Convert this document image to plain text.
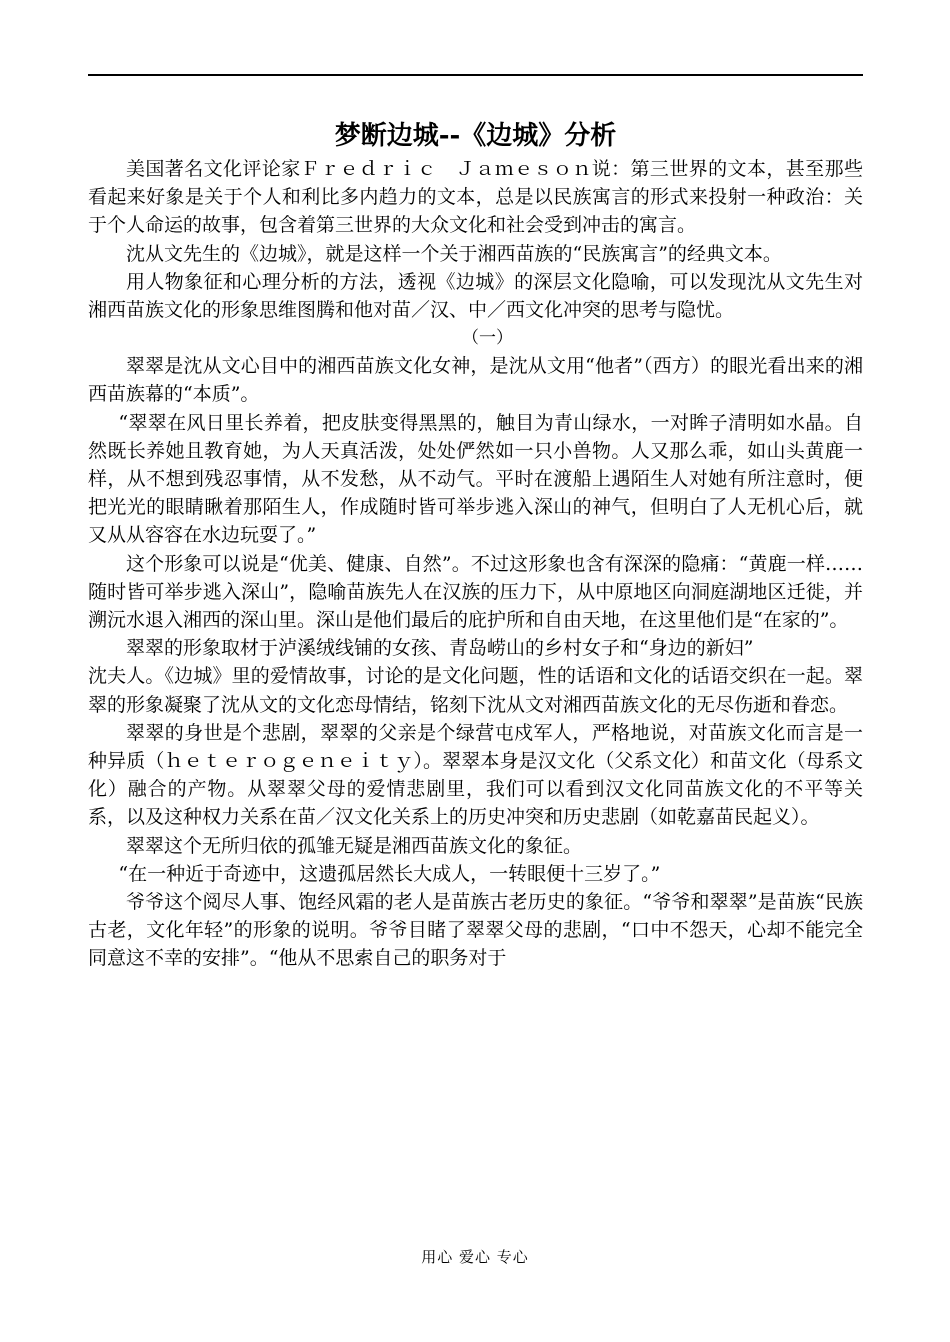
梦断边城--《边城》分析

美国著名文化评论家Ｆｒｅｄｒｉｃ　Ｊａｍｅｓｏｎ说：第三世界的文本，甚至那些看起来好象是关于个人和利比多内趋力的文本，总是以民族寓言的形式来投射一种政治：关于个人命运的故事，包含着第三世界的大众文化和社会受到冲击的寓言。

沈从文先生的《边城》，就是这样一个关于湘西苗族的“民族寓言”的经典文本。

用人物象征和心理分析的方法，透视《边城》的深层文化隐喻，可以发现沈从文先生对湘西苗族文化的形象思维图腾和他对苗／汉、中／西文化冲突的思考与隐忧。

（一）

翠翠是沈从文心目中的湘西苗族文化女神，是沈从文用“他者”（西方）的眼光看出来的湘西苗族幕的“本质”。

“翠翠在风日里长养着，把皮肤变得黑黑的，触目为青山绿水，一对眸子清明如水晶。自然既长养她且教育她，为人天真活泼，处处俨然如一只小兽物。人又那么乖，如山头黄鹿一样，从不想到残忍事情，从不发愁，从不动气。平时在渡船上遇陌生人对她有所注意时，便把光光的眼睛瞅着那陌生人，作成随时皆可举步逃入深山的神气，但明白了人无机心后，就又从从容容在水边玩耍了。”

这个形象可以说是“优美、健康、自然”。不过这形象也含有深深的隐痛：“黄鹿一样……随时皆可举步逃入深山”，隐喻苗族先人在汉族的压力下，从中原地区向洞庭湖地区迁徙，并溯沅水退入湘西的深山里。深山是他们最后的庇护所和自由天地，在这里他们是“在家的”。

翠翠的形象取材于泸溪绒线铺的女孩、青岛崂山的乡村女子和“身边的新妇”

沈夫人。《边城》里的爱情故事，讨论的是文化问题，性的话语和文化的话语交织在一起。翠翠的形象凝聚了沈从文的文化恋母情结，铭刻下沈从文对湘西苗族文化的无尽伤逝和眷恋。

翠翠的身世是个悲剧，翠翠的父亲是个绿营屯戍军人，严格地说，对苗族文化而言是一种异质（ｈｅｔｅｒｏｇｅｎｅｉｔｙ）。翠翠本身是汉文化（父系文化）和苗文化（母系文化）融合的产物。从翠翠父母的爱情悲剧里，我们可以看到汉文化同苗族文化的不平等关系，以及这种权力关系在苗／汉文化关系上的历史冲突和历史悲剧（如乾嘉苗民起义）。

翠翠这个无所归依的孤雏无疑是湘西苗族文化的象征。

“在一种近于奇迹中，这遗孤居然长大成人，一转眼便十三岁了。”

爷爷这个阅尽人事、饱经风霜的老人是苗族古老历史的象征。“爷爷和翠翠”是苗族“民族古老，文化年轻”的形象的说明。爷爷目睹了翠翠父母的悲剧，“口中不怨天，心却不能完全同意这不幸的安排”。“他从不思索自己的职务对于

用心 爱心 专心
